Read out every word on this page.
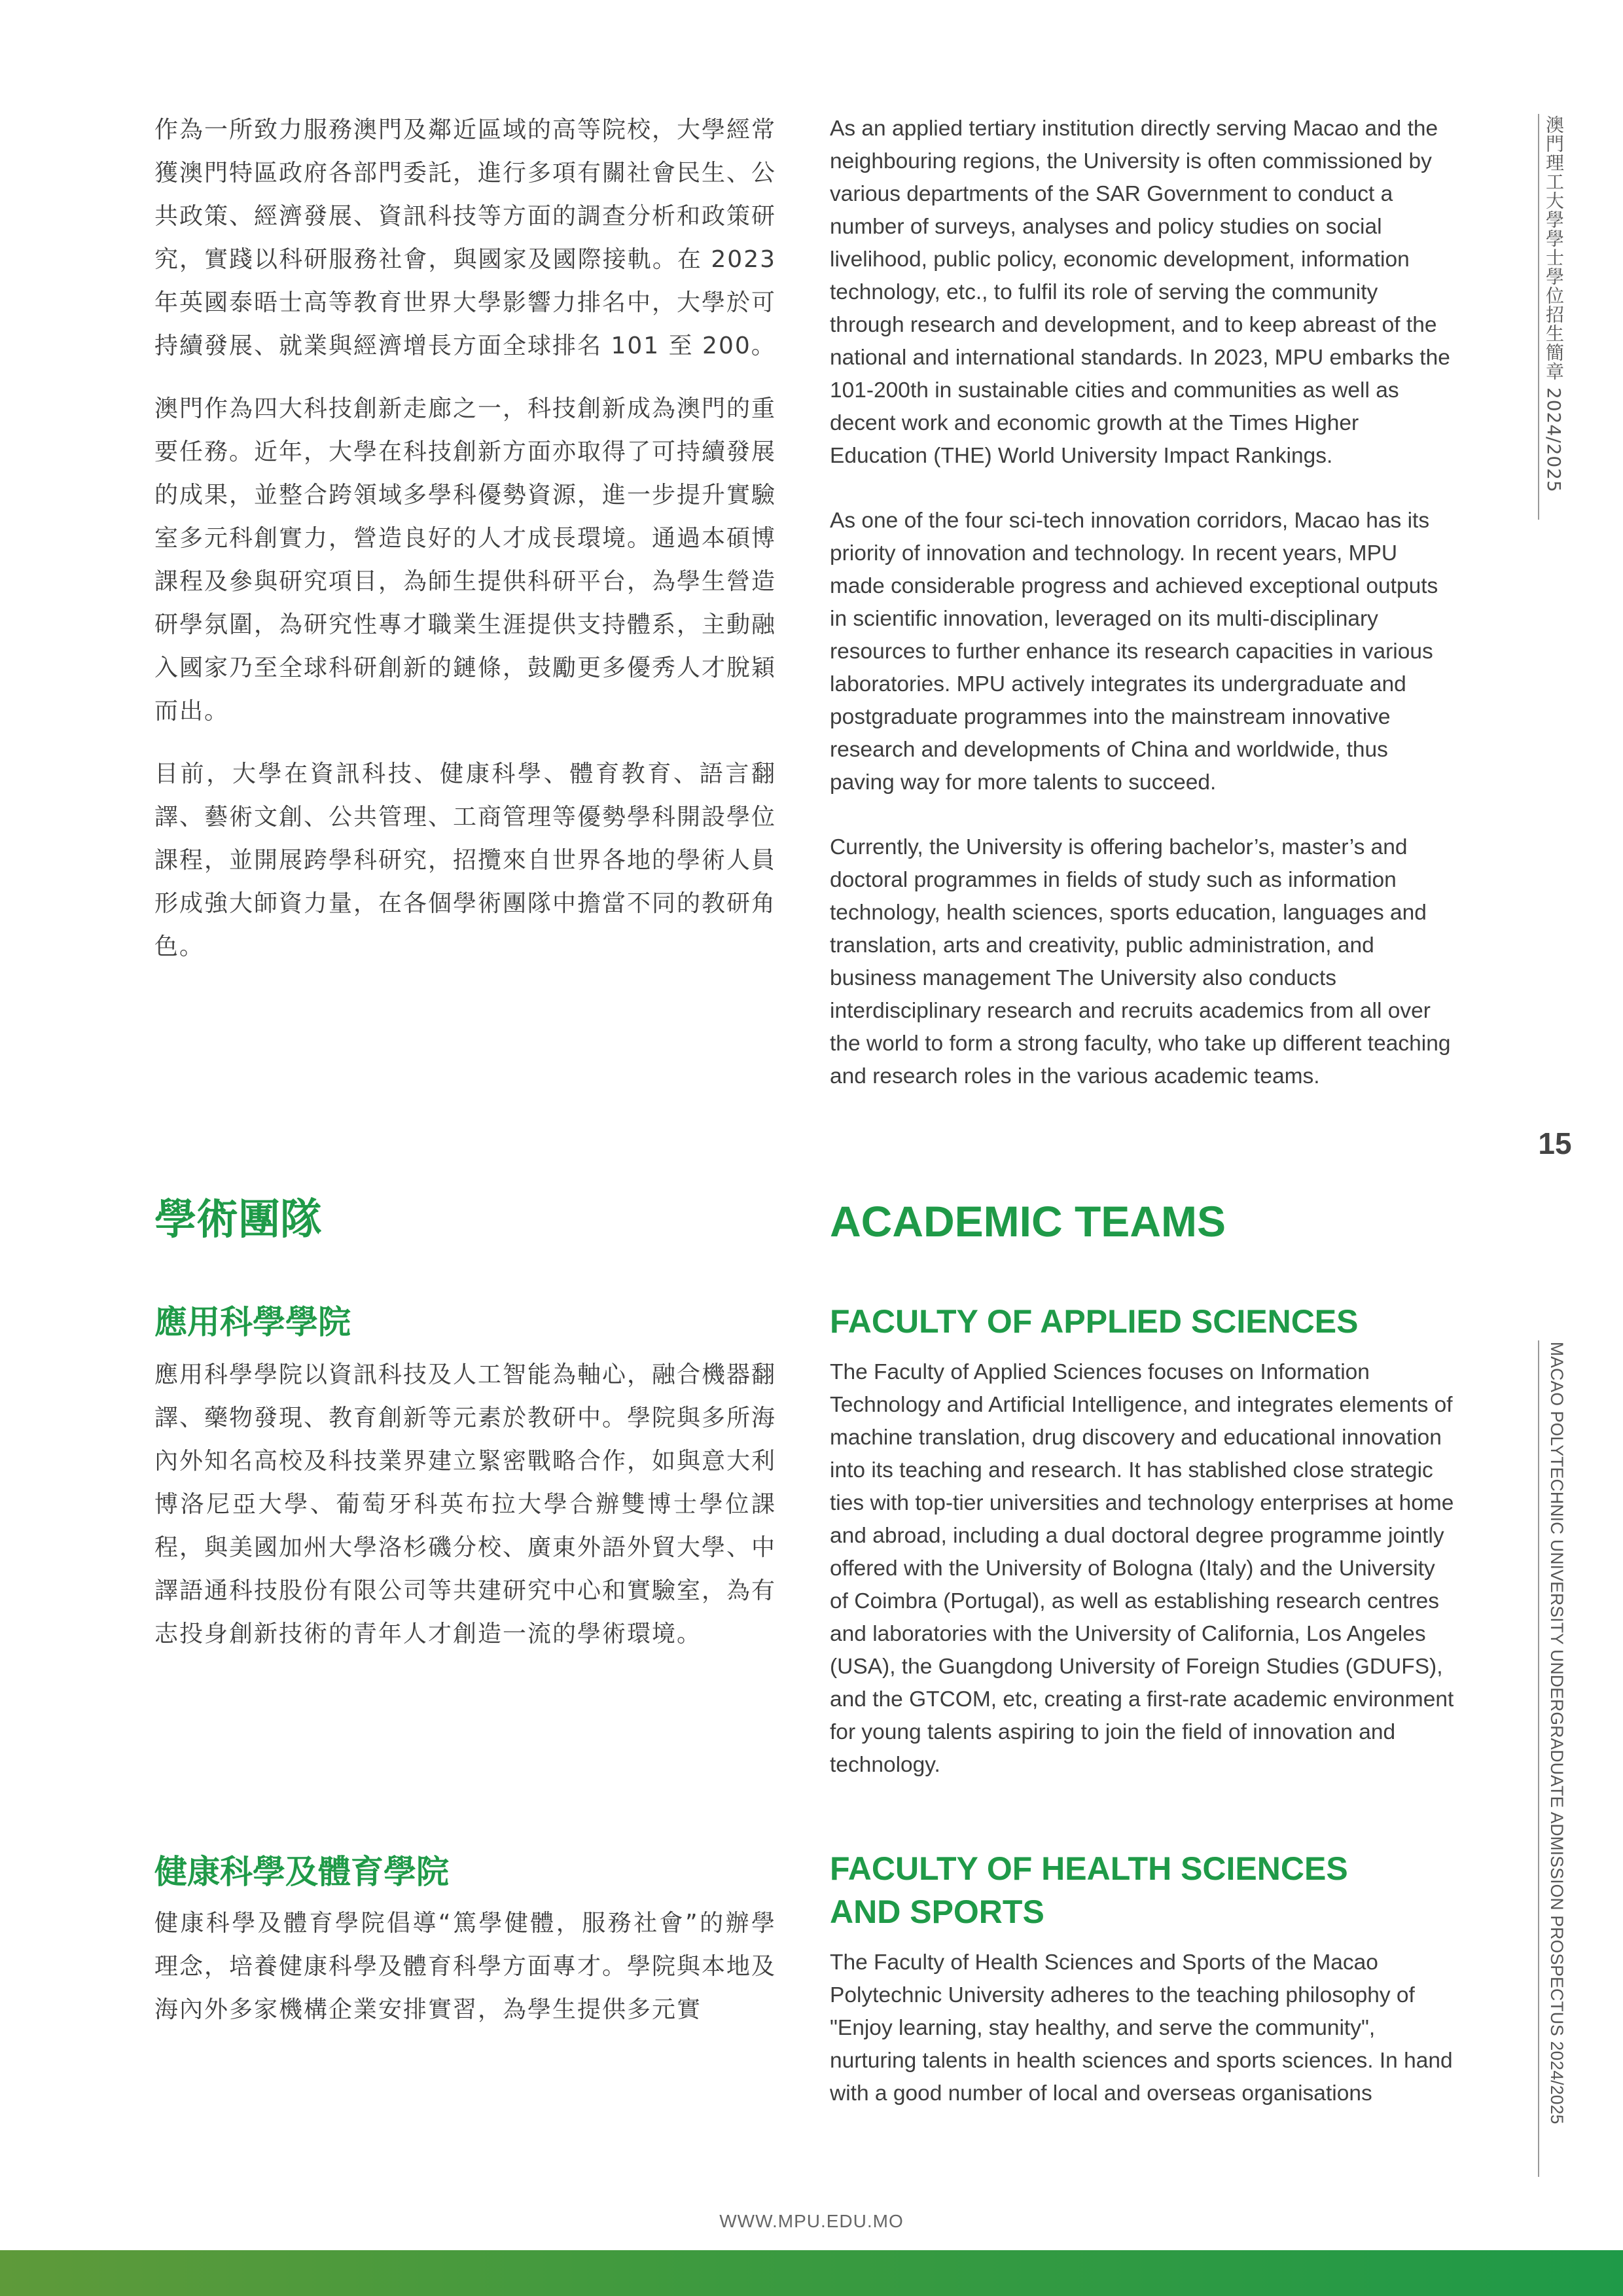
作為一所致力服務澳門及鄰近區域的高等院校，大學經常獲澳門特區政府各部門委託，進行多項有關社會民生、公共政策、經濟發展、資訊科技等方面的調查分析和政策研究，實踐以科研服務社會，與國家及國際接軌。在 2023 年英國泰晤士高等教育世界大學影響力排名中，大學於可持續發展、就業與經濟增長方面全球排名 101 至 200。

澳門作為四大科技創新走廊之一，科技創新成為澳門的重要任務。近年，大學在科技創新方面亦取得了可持續發展的成果，並整合跨領域多學科優勢資源，進一步提升實驗室多元科創實力，營造良好的人才成長環境。通過本碩博課程及參與研究項目，為師生提供科研平台，為學生營造研學氛圍，為研究性專才職業生涯提供支持體系，主動融入國家乃至全球科研創新的鏈條，鼓勵更多優秀人才脫穎而出。

目前，大學在資訊科技、健康科學、體育教育、語言翻譯、藝術文創、公共管理、工商管理等優勢學科開設學位課程，並開展跨學科研究，招攬來自世界各地的學術人員形成強大師資力量，在各個學術團隊中擔當不同的教研角色。

As an applied tertiary institution directly serving Macao and the neighbouring regions, the University is often commissioned by various departments of the SAR Government to conduct a number of surveys, analyses and policy studies on social livelihood, public policy, economic development, information technology, etc., to fulfil its role of serving the community through research and development, and to keep abreast of the national and international standards. In 2023, MPU embarks the 101-200th in sustainable cities and communities as well as decent work and economic growth at the Times Higher Education (THE) World University Impact Rankings.

As one of the four sci-tech innovation corridors, Macao has its priority of innovation and technology. In recent years, MPU made considerable progress and achieved exceptional outputs in scientific innovation, leveraged on its multi-disciplinary resources to further enhance its research capacities in various laboratories. MPU actively integrates its undergraduate and postgraduate programmes into the mainstream innovative research and developments of China and worldwide, thus paving way for more talents to succeed.

Currently, the University is offering bachelor’s, master’s and doctoral programmes in fields of study such as information technology, health sciences, sports education, languages and translation, arts and creativity, public administration, and business management The University also conducts interdisciplinary research and recruits academics from all over the world to form a strong faculty, who take up different teaching and research roles in the various academic teams.

學術團隊	ACADEMIC TEAMS
應用科學學院

應用科學學院以資訊科技及人工智能為軸心，融合機器翻譯、藥物發現、教育創新等元素於教研中。學院與多所海內外知名高校及科技業界建立緊密戰略合作，如與意大利博洛尼亞大學、葡萄牙科英布拉大學合辦雙博士學位課程，與美國加州大學洛杉磯分校、廣東外語外貿大學、中譯語通科技股份有限公司等共建研究中心和實驗室，為有志投身創新技術的青年人才創造一流的學術環境。

FACULTY OF APPLIED SCIENCES

The Faculty of Applied Sciences focuses on Information Technology and Artificial Intelligence, and integrates elements of machine translation, drug discovery and educational innovation into its teaching and research. It has stablished close strategic ties with top-tier universities and technology enterprises at home and abroad, including a dual doctoral degree programme jointly offered with the University of Bologna (Italy) and the University of Coimbra (Portugal), as well as establishing research centres and laboratories with the University of California, Los Angeles (USA), the Guangdong University of Foreign Studies (GDUFS), and the GTCOM, etc, creating a first-rate academic environment for young talents aspiring to join the field of innovation and technology.

健康科學及體育學院

健康科學及體育學院倡導“篤學健體，服務社會”的辦學理念，培養健康科學及體育科學方面專才。學院與本地及海內外多家機構企業安排實習，為學生提供多元實

FACULTY OF HEALTH SCIENCES
AND SPORTS

The Faculty of Health Sciences and Sports of the Macao Polytechnic University adheres to the teaching philosophy of "Enjoy learning, stay healthy, and serve the community", nurturing talents in health sciences and sports sciences. In hand with a good number of local and overseas organisations

澳門理工大學學士學位招生簡章 2024/2025
15
MACAO POLYTECHNIC UNIVERSITY UNDERGRADUATE ADMISSION PROSPECTUS 2024/2025
WWW.MPU.EDU.MO
